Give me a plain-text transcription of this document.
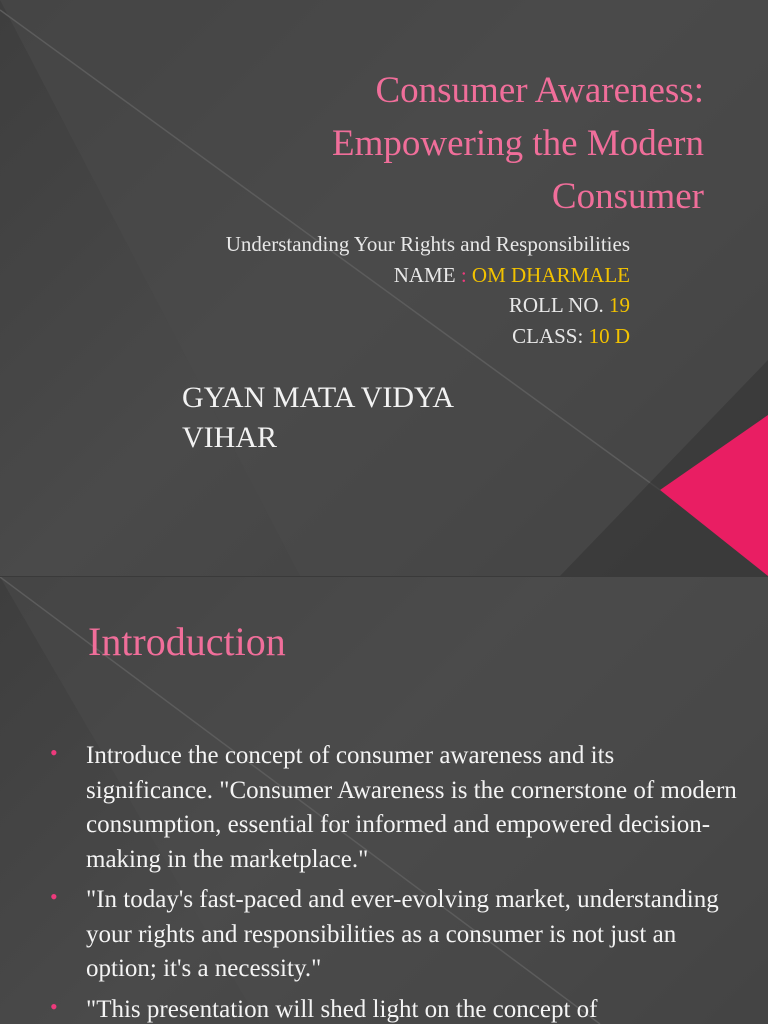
Consumer Awareness: Empowering the Modern Consumer
Understanding Your Rights and Responsibilities
NAME : OM DHARMALE
ROLL NO. 19
CLASS: 10 D
GYAN MATA VIDYA VIHAR
Introduction
• Introduce the concept of consumer awareness and its significance. "Consumer Awareness is the cornerstone of modern consumption, essential for informed and empowered decision-making in the marketplace."
• "In today's fast-paced and ever-evolving market, understanding your rights and responsibilities as a consumer is not just an option; it's a necessity."
• "This presentation will shed light on the concept of
